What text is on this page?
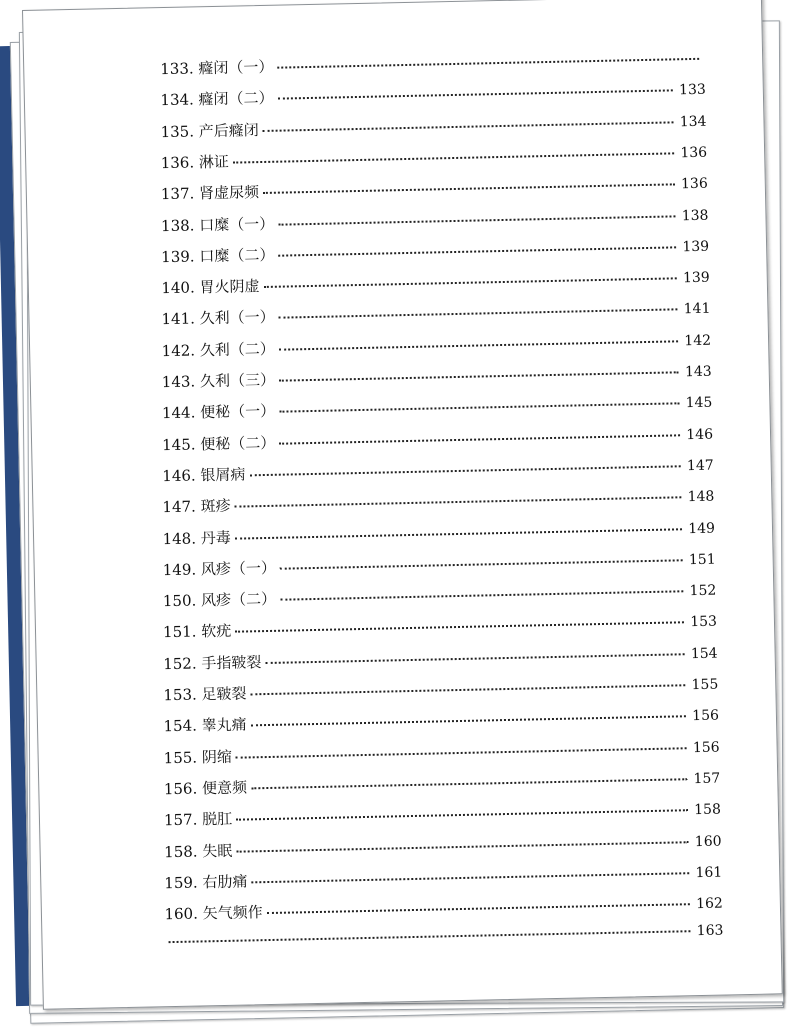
133. 癃闭（一）
134. 癃闭（二）	133
135. 产后癃闭	134
136. 淋证	136
137. 肾虚尿频	136
138. 口糜（一）	138
139. 口糜（二）	139
140. 胃火阴虚	139
141. 久利（一）	141
142. 久利（二）	142
143. 久利（三）	143
144. 便秘（一）	145
145. 便秘（二）	146
146. 银屑病	147
147. 斑疹	148
148. 丹毒	149
149. 风疹（一）	151
150. 风疹（二）	152
151. 软疣	153
152. 手指皲裂	154
153. 足皲裂	155
154. 睾丸痛	156
155. 阴缩	156
156. 便意频	157
157. 脱肛	158
158. 失眠	160
159. 右肋痛	161
160. 矢气频作	162
163
